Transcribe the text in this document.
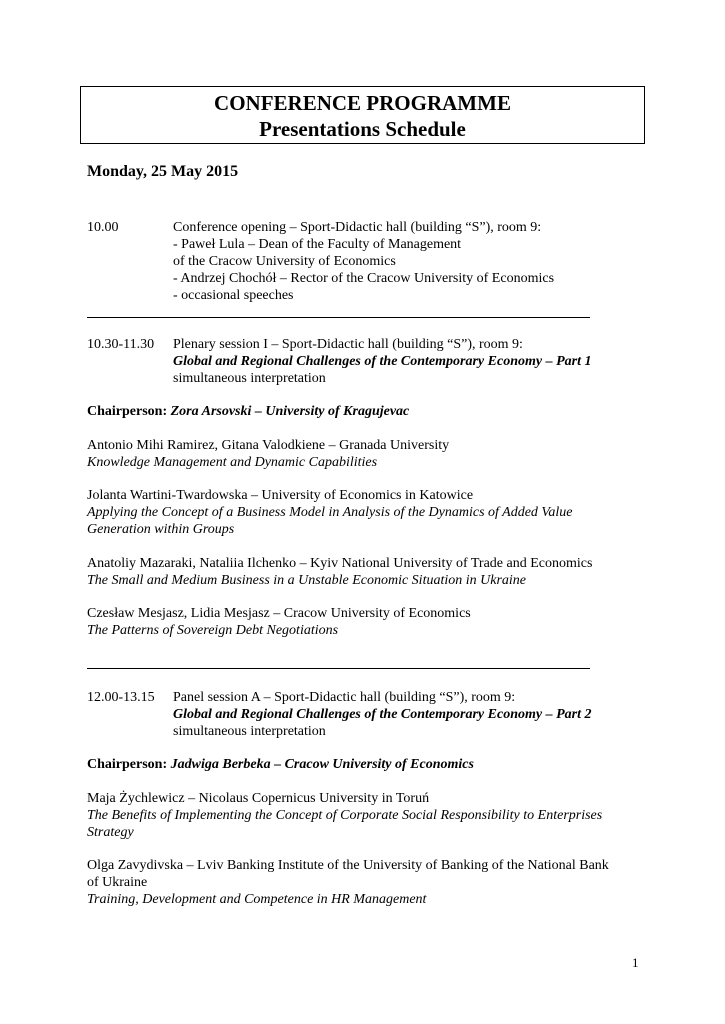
CONFERENCE PROGRAMME
Presentations Schedule
Monday, 25 May 2015
10.00	Conference opening – Sport-Didactic hall (building “S”), room 9:
- Paweł Lula – Dean of the Faculty of Management
of the Cracow University of Economics
- Andrzej Chochół – Rector of the Cracow University of Economics
- occasional speeches
10.30-11.30	Plenary session I – Sport-Didactic hall (building “S”), room 9:
Global and Regional Challenges of the Contemporary Economy – Part 1
simultaneous interpretation
Chairperson: Zora Arsovski – University of Kragujevac
Antonio Mihi Ramirez, Gitana Valodkiene – Granada University
Knowledge Management and Dynamic Capabilities
Jolanta Wartini-Twardowska – University of Economics in Katowice
Applying the Concept of a Business Model in Analysis of the Dynamics of Added Value
Generation within Groups
Anatoliy Mazaraki, Nataliia Ilchenko – Kyiv National University of Trade and Economics
The Small and Medium Business in a Unstable Economic Situation in Ukraine
Czesław Mesjasz, Lidia Mesjasz – Cracow University of Economics
The Patterns of Sovereign Debt Negotiations
12.00-13.15	Panel session A – Sport-Didactic hall (building “S”), room 9:
Global and Regional Challenges of the Contemporary Economy – Part 2
simultaneous interpretation
Chairperson: Jadwiga Berbeka – Cracow University of Economics
Maja Żychlewicz – Nicolaus Copernicus University in Toruń
The Benefits of Implementing the Concept of Corporate Social Responsibility to Enterprises
Strategy
Olga Zavydivska – Lviv Banking Institute of the University of Banking of the National Bank
of Ukraine
Training, Development and Competence in HR Management
1
